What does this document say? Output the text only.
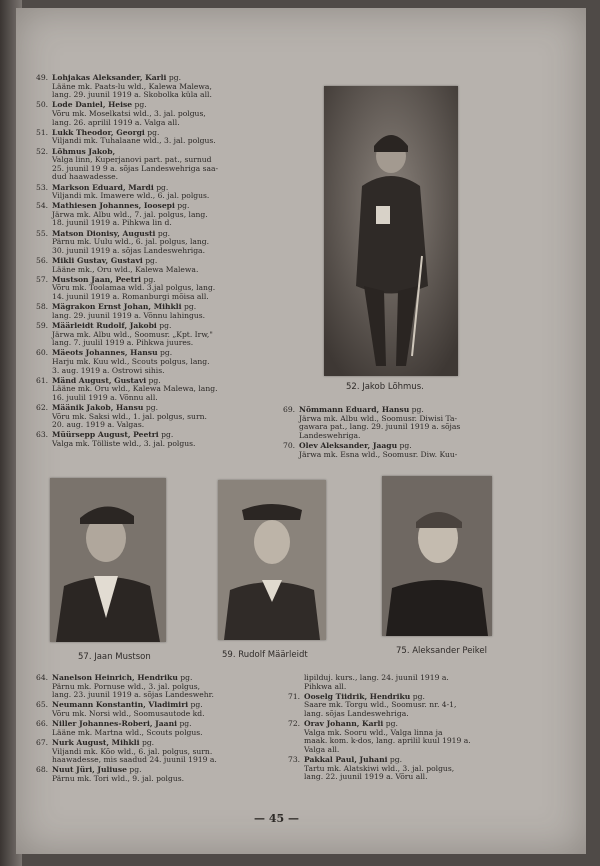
49. Lohjakas Aleksander, Karli pg.
Lääne mk. Paats-lu wld., Kalewa Malewa,
lang. 29. juunil 1919 a. Skobolka küla all.
50. Lode Daniel, Heise pg.
Võru mk. Moselkatsi wld., 3. jal. polgus,
lang. 26. aprilil 1919 a. Valga all.
51. Lukk Theodor, Georgi pg.
Viljandi mk. Tuhalaane wld., 3. jal. polgus.
52. Lõhmus Jakob,
Valga linn, Kuperjanovi part. pat., surnud
25. juunil 19 9 a. sõjas Landeswehriga saa-
dud haawadesse.
53. Markson Eduard, Mardi pg.
Viljandi mk. Imawere wld., 6. jal. polgus.
54. Mathiesen Johannes, Ioosepi pg.
Järwa mk. Albu wld., 7. jal. polgus, lang.
18. juunil 1919 a. Pihkwa lin d.
55. Matson Dionisy, Augusti pg.
Pärnu mk. Uulu wld., 6. jal. polgus, lang.
30. juunil 1919 a. sõjas Landeswehriga.
56. Mikli Gustav, Gustavi pg.
Lääne mk., Oru wld., Kalewa Malewa.
57. Mustson Jaan, Peetri pg.
Võru mk. Toolamaa wld. 3.jal polgus, lang.
14. juunil 1919 a. Romanburgi mõisa all.
58. Mägrakon Ernst Johan, Mihkli pg.
lang. 29. juunil 1919 a. Võnnu lahingus.
59. Määrleidt Rudolf, Jakobi pg.
Järwa mk. Albu wld., Soomusr. „Kpt. Irw,"
lang. 7. juulil 1919 a. Pihkwa juures.
60. Mäeots Johannes, Hansu pg.
Harju mk. Kuu wld., Scouts polgus, lang.
3. aug. 1919 a. Ostrowi sihis.
61. Mänd August, Gustavi pg.
Lääne mk. Oru wld., Kalewa Malewa, lang.
16. juulil 1919 a. Võnnu all.
62. Määnik Jakob, Hansu pg.
Võru mk. Saksi wld., 1. jal. polgus, surn.
20. aug. 1919 a. Valgas.
63. Müürsepp August, Peetri pg.
Valga mk. Tölliste wld., 3. jal. polgus.
69. Nõmmann Eduard, Hansu pg.
Järwa mk. Albu wld., Soomusr. Diwisi Ta-
gawara pat., lang. 29. juunil 1919 a. sõjas
Landeswehriga.
70. Olev Aleksander, Jaagu pg.
Järwa mk. Esna wld., Soomusr. Diw. Kuu-
64. Nanelson Heinrich, Hendriku pg.
Pärnu mk. Pornuse wld., 3. jal. polgus,
lang. 23. juunil 1919 a. sõjas Landeswehr.
65. Neumann Konstantin, Vladimiri pg.
Võru mk. Norsi wld., Soomusautode kd.
66. Niller Johannes-Roberi, Jaani pg.
Lääne mk. Martna wld., Scouts polgus.
67. Nurk August, Mihkli pg.
Viljandi mk. Kõo wld., 6. jal. polgus, surn.
haawadesse, mis saadud 24. juunil 1919 a.
68. Nuut Jüri, Juliuse pg.
Pärnu mk. Tori wld., 9. jal. polgus.
lipilduj. kurs., lang. 24. juunil 1919 a.
Pihkwa all.
71. Ooselg Tiidrik, Hendriku pg.
Saare mk. Torgu wld., Soomusr. nr. 4-1,
lang. sõjas Landeswehriga.
72. Orav Johann, Karli pg.
Valga mk. Sooru wld., Valga linna ja
maak. kom. k-dos, lang. aprilil kuul 1919 a.
Valga all.
73. Pakkal Paul, Juhani pg.
Tartu mk. Alatskiwi wld., 3. jal. polgus,
lang. 22. juunil 1919 a. Võru all.
52. Jakob Lõhmus.
57. Jaan Mustson	59. Rudolf Määrleidt	75. Aleksander Peikel
— 45 —
